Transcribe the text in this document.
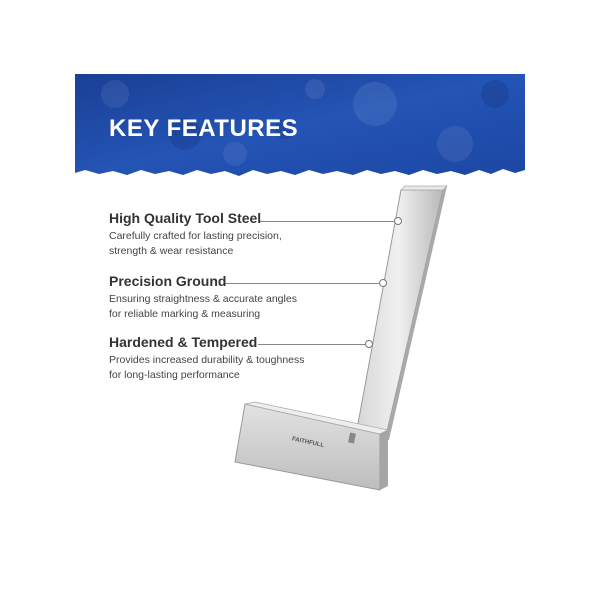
KEY FEATURES
FAITHFULL
High Quality Tool Steel
Carefully crafted for lasting precision,
strength & wear resistance
Precision Ground
Ensuring straightness & accurate angles
for reliable marking & measuring
Hardened & Tempered
Provides increased durability & toughness
for long-lasting performance
